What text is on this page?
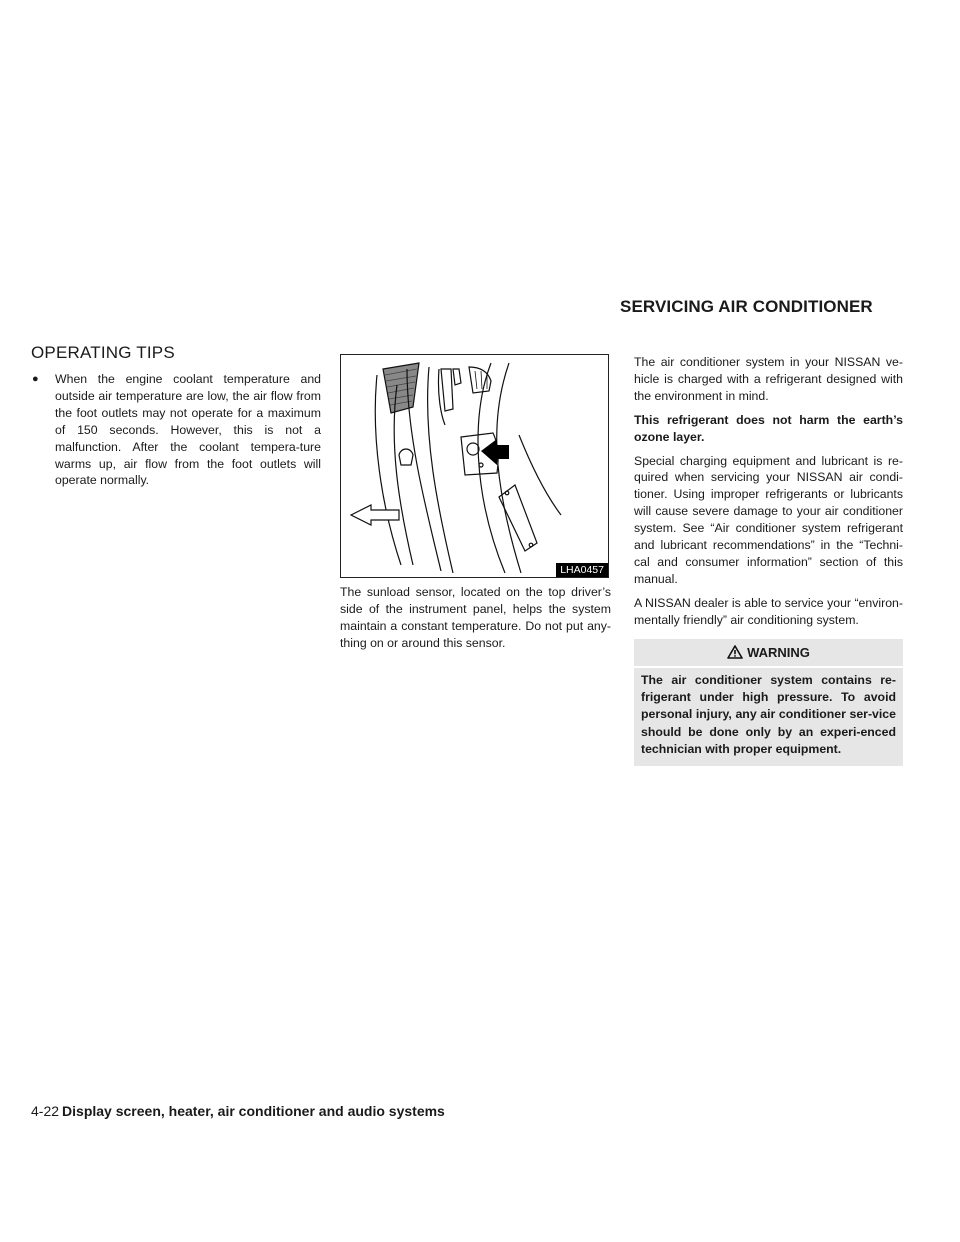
SERVICING AIR CONDITIONER
OPERATING TIPS
●	When the engine coolant temperature and outside air temperature are low, the air flow from the foot outlets may not operate for a maximum of 150 seconds. However, this is not a malfunction. After the coolant tempera-ture warms up, air flow from the foot outlets will operate normally.
LHA0457

The sunload sensor, located on the top driver’s side of the instrument panel, helps the system maintain a constant temperature. Do not put any-thing on or around this sensor.

The air conditioner system in your NISSAN ve-hicle is charged with a refrigerant designed with the environment in mind.

This refrigerant does not harm the earth’s ozone layer.

Special charging equipment and lubricant is re-quired when servicing your NISSAN air condi-tioner. Using improper refrigerants or lubricants will cause severe damage to your air conditioner system. See “Air conditioner system refrigerant and lubricant recommendations” in the “Techni-cal and consumer information” section of this manual.

A NISSAN dealer is able to service your “environ-mentally friendly” air conditioning system.

WARNING
The air conditioner system contains re-frigerant under high pressure. To avoid personal injury, any air conditioner ser-vice should be done only by an experi-enced technician with proper equipment.
4-22 Display screen, heater, air conditioner and audio systems
